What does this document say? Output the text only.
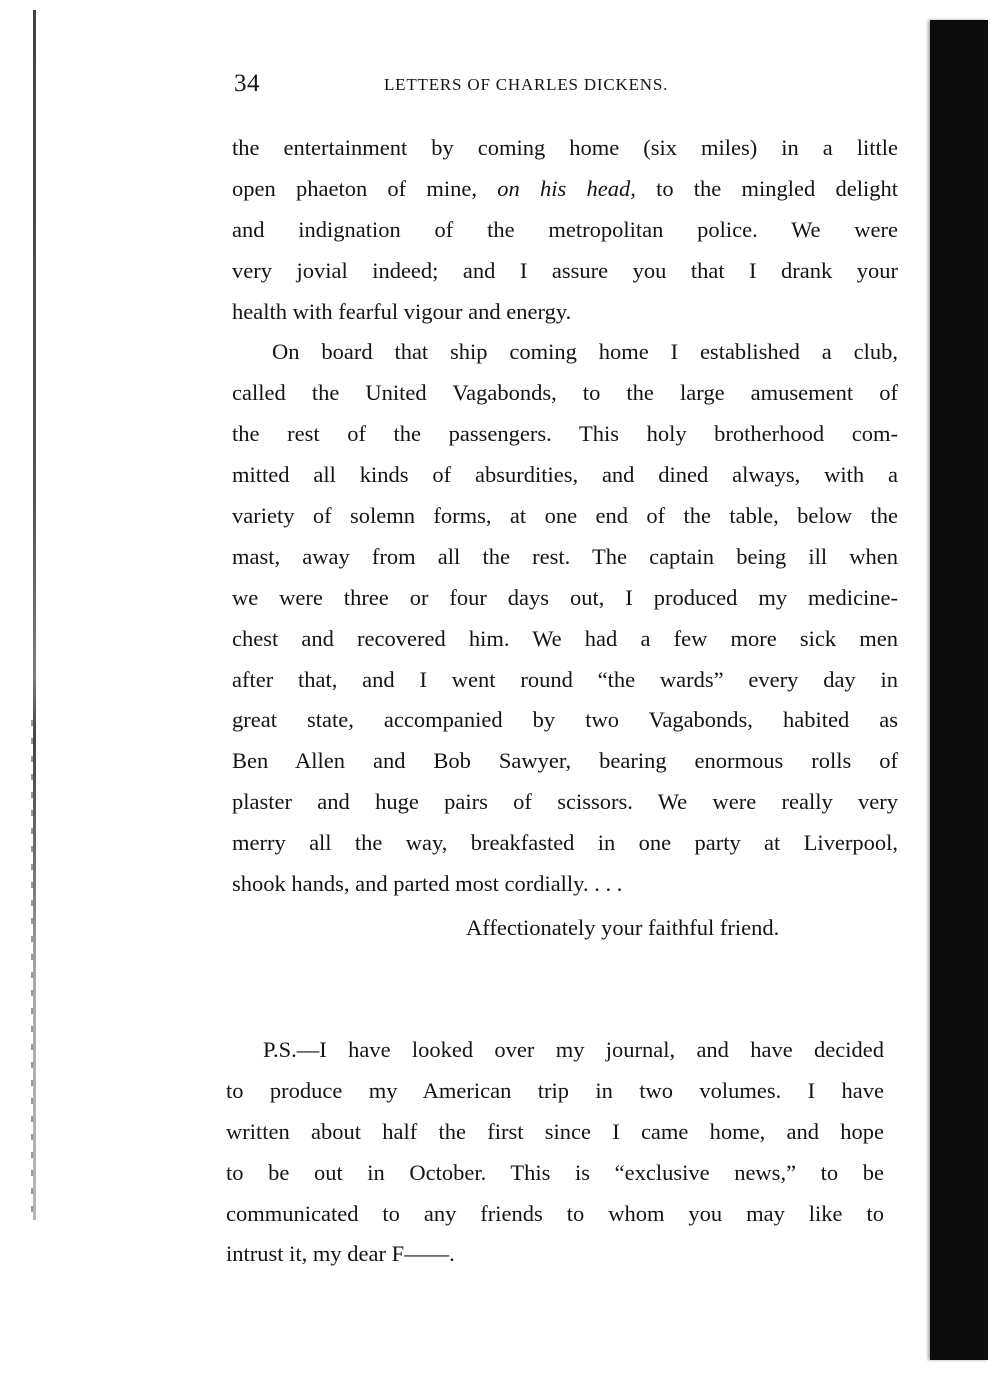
34	LETTERS OF CHARLES DICKENS.
the entertainment by coming home (six miles) in a little
open phaeton of mine, on his head, to the mingled delight
and indignation of the metropolitan police. We were
very jovial indeed; and I assure you that I drank your
health with fearful vigour and energy.
On board that ship coming home I established a club,
called the United Vagabonds, to the large amusement of
the rest of the passengers. This holy brotherhood com-
mitted all kinds of absurdities, and dined always, with a
variety of solemn forms, at one end of the table, below the
mast, away from all the rest. The captain being ill when
we were three or four days out, I produced my medicine-
chest and recovered him. We had a few more sick men
after that, and I went round “the wards” every day in
great state, accompanied by two Vagabonds, habited as
Ben Allen and Bob Sawyer, bearing enormous rolls of
plaster and huge pairs of scissors. We were really very
merry all the way, breakfasted in one party at Liverpool,
shook hands, and parted most cordially. . . .
Affectionately your faithful friend.
P.S.—I have looked over my journal, and have decided
to produce my American trip in two volumes. I have
written about half the first since I came home, and hope
to be out in October. This is “exclusive news,” to be
communicated to any friends to whom you may like to
intrust it, my dear F——.
